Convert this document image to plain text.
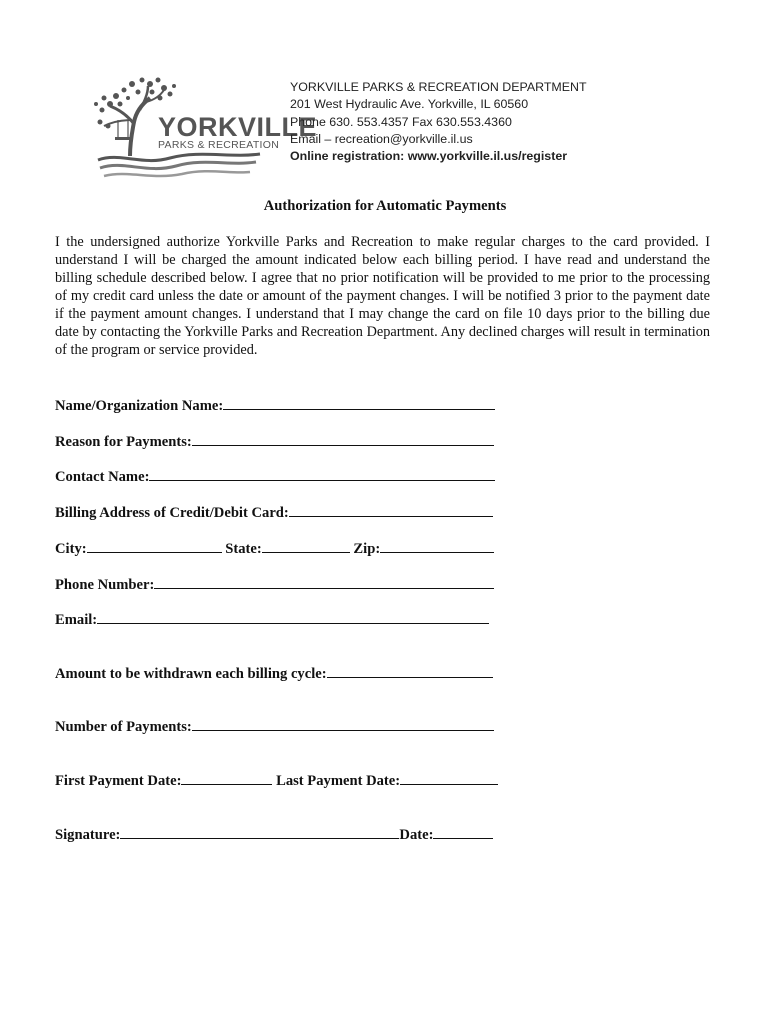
YORKVILLE
PARKS & RECREATION
YORKVILLE PARKS & RECREATION DEPARTMENT
201 West Hydraulic Ave. Yorkville, IL 60560
Phone 630. 553.4357 Fax 630.553.4360
Email – recreation@yorkville.il.us
Online registration: www.yorkville.il.us/register
Authorization for Automatic Payments
I the undersigned authorize Yorkville Parks and Recreation to make regular charges to the card provided. I understand I will be charged the amount indicated below each billing period. I have read and understand the billing schedule described below. I agree that no prior notification will be provided to me prior to the processing of my credit card unless the date or amount of the payment changes. I will be notified 3 prior to the payment date if the payment amount changes. I understand that I may change the card on file 10 days prior to the billing due date by contacting the Yorkville Parks and Recreation Department. Any declined charges will result in termination of the program or service provided.
Name/Organization Name:
Reason for Payments:
Contact Name:
Billing Address of Credit/Debit Card:
City:	State:	Zip:
Phone Number:
Email:
Amount to be withdrawn each billing cycle:
Number of Payments:
First Payment Date:	Last Payment Date:
Signature:	Date:
